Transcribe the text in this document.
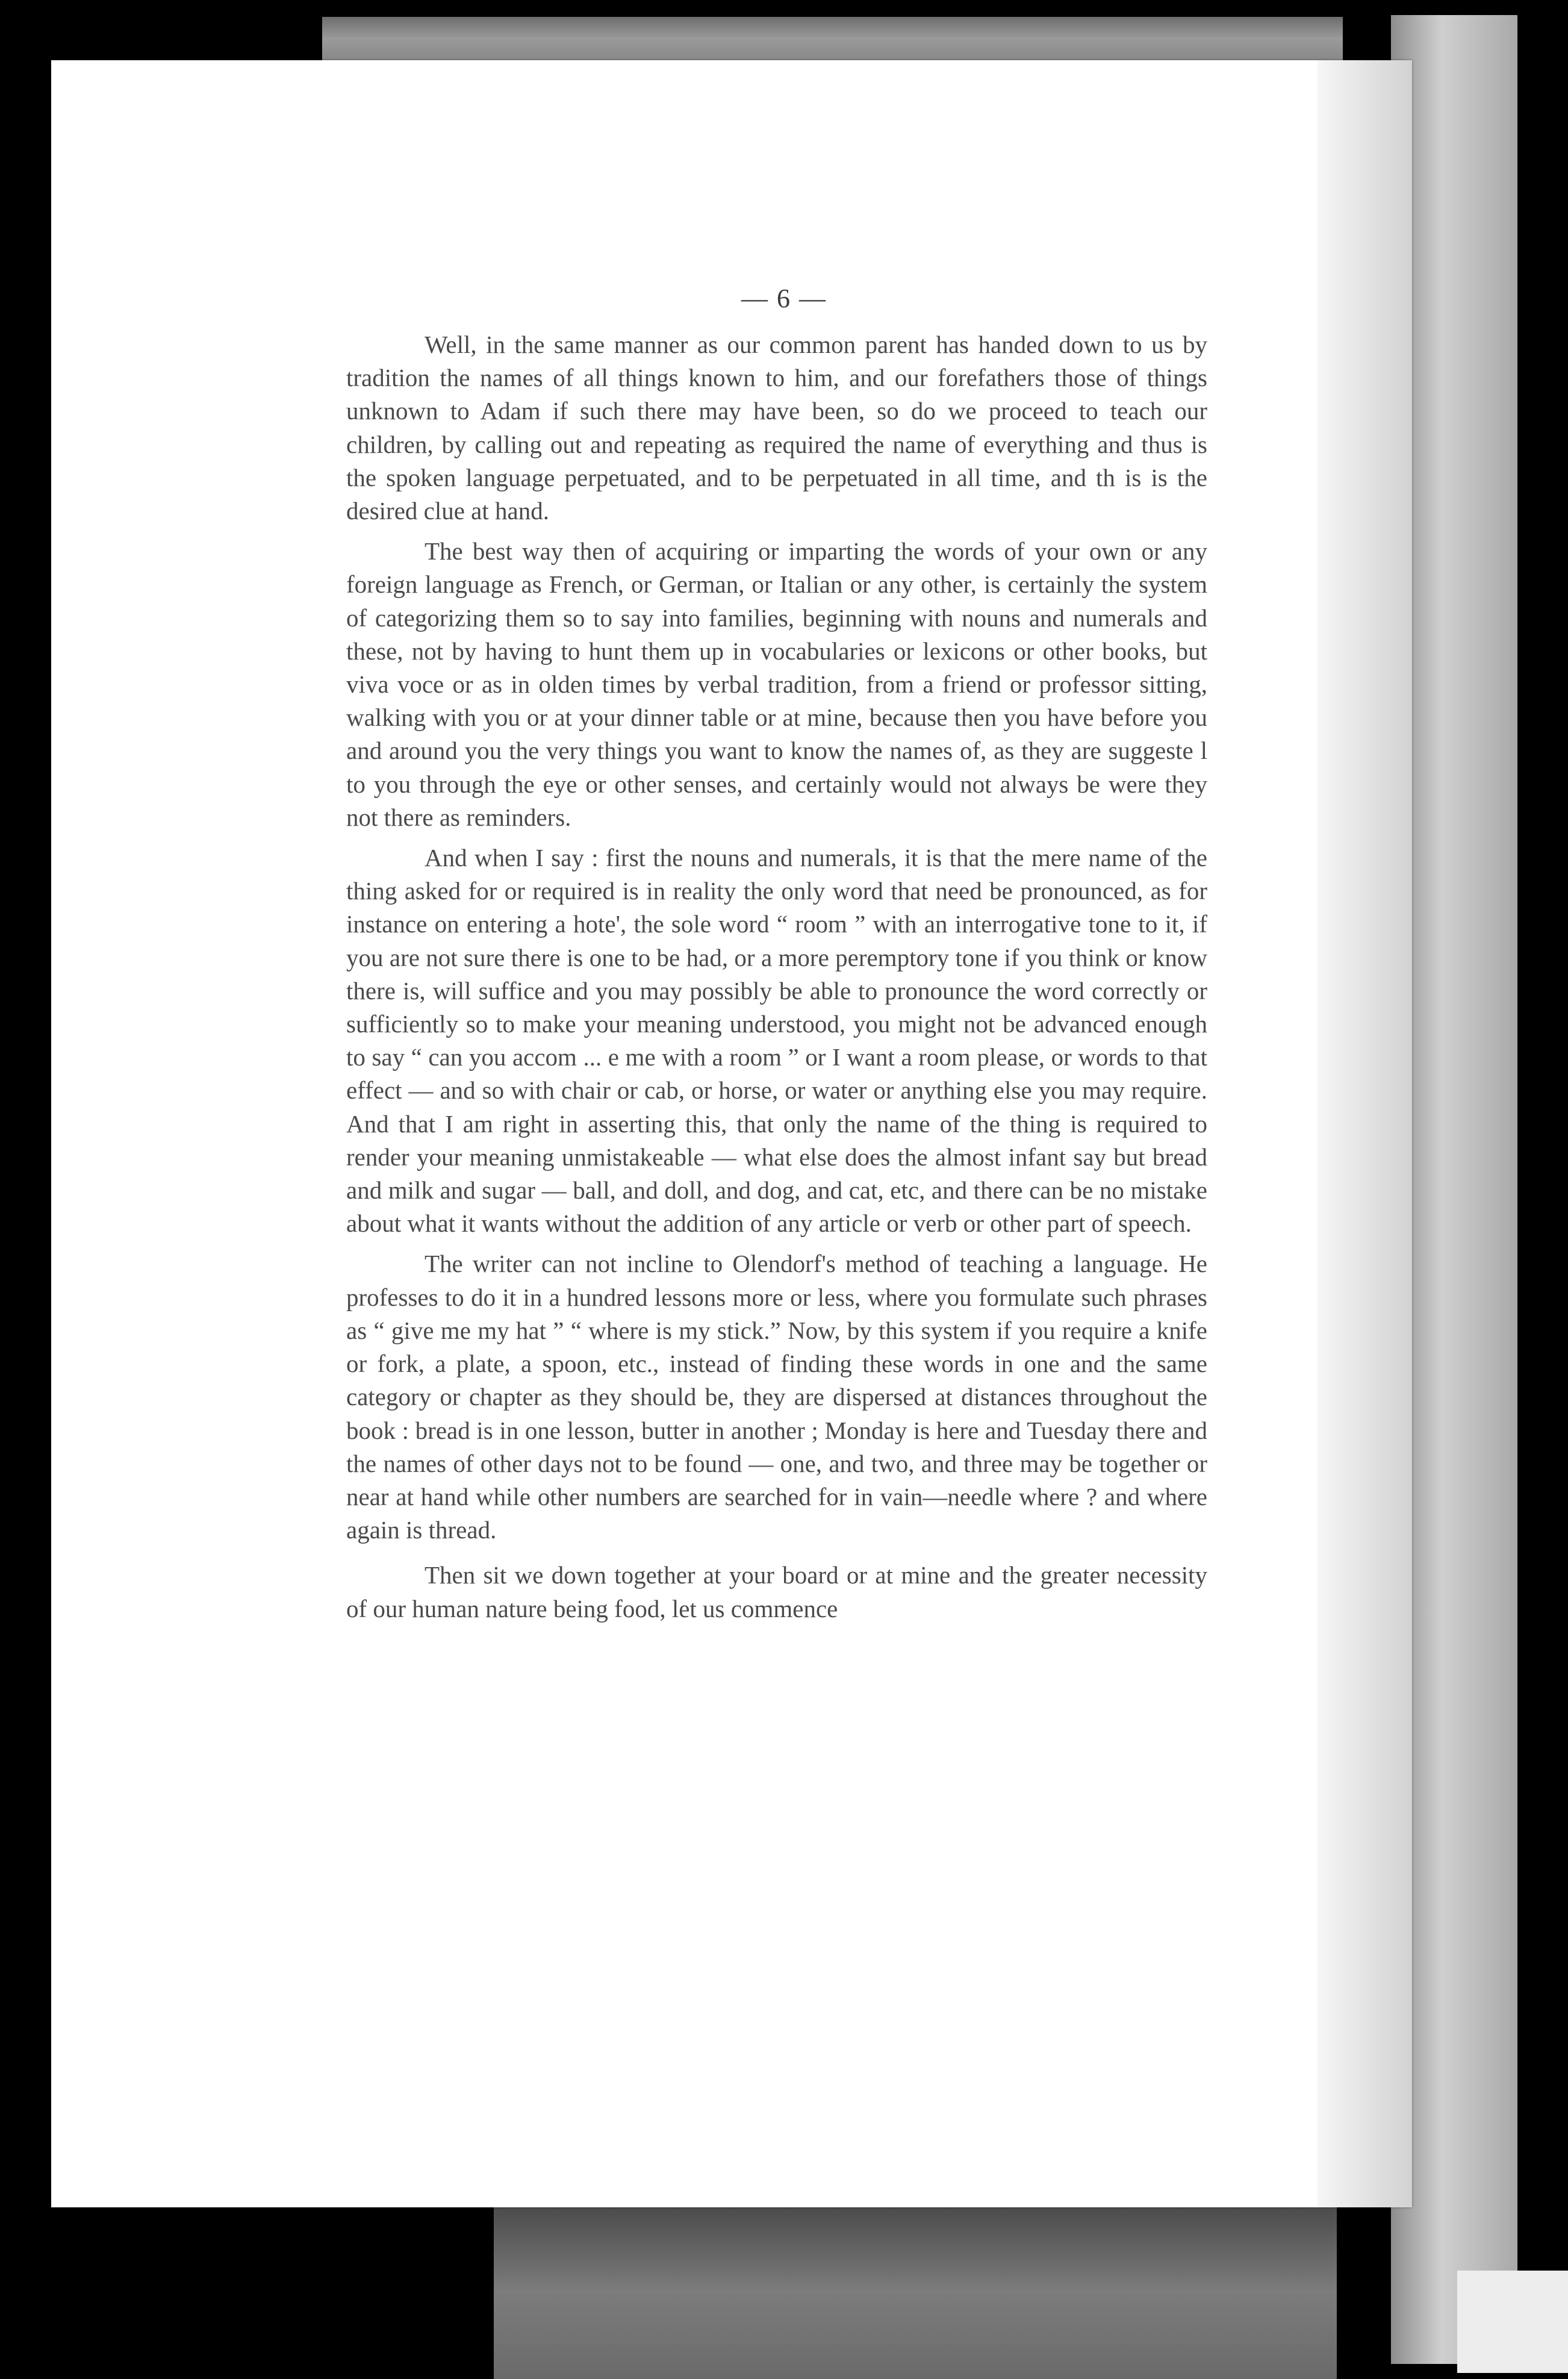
— 6 —

Well, in the same manner as our common parent has handed down to us by tradition the names of all things known to him, and our forefathers those of things unknown to Adam if such there may have been, so do we proceed to teach our children, by calling out and repeating as required the name of everything and thus is the spoken language perpetuated, and to be perpetuated in all time, and th is is the desired clue at hand.

The best way then of acquiring or imparting the words of your own or any foreign language as French, or German, or Italian or any other, is certainly the system of categorizing them so to say into families, beginning with nouns and numerals and these, not by having to hunt them up in vocabularies or lexicons or other books, but viva voce or as in olden times by verbal tradition, from a friend or professor sitting, walking with you or at your dinner table or at mine, because then you have before you and around you the very things you want to know the names of, as they are suggeste l to you through the eye or other senses, and certainly would not always be were they not there as reminders.

And when I say : first the nouns and numerals, it is that the mere name of the thing asked for or required is in reality the only word that need be pronounced, as for instance on entering a hote', the sole word “ room ” with an interrogative tone to it, if you are not sure there is one to be had, or a more peremptory tone if you think or know there is, will suffice and you may possibly be able to pronounce the word correctly or sufficiently so to make your meaning understood, you might not be advanced enough to say “ can you accom ... e me with a room ” or I want a room please, or words to that effect — and so with chair or cab, or horse, or water or anything else you may require. And that I am right in asserting this, that only the name of the thing is required to render your meaning unmistakeable — what else does the almost infant say but bread and milk and sugar — ball, and doll, and dog, and cat, etc, and there can be no mistake about what it wants without the addition of any article or verb or other part of speech.

The writer can not incline to Olendorf's method of teaching a language. He professes to do it in a hundred lessons more or less, where you formulate such phrases as “ give me my hat ” “ where is my stick.” Now, by this system if you require a knife or fork, a plate, a spoon, etc., instead of finding these words in one and the same category or chapter as they should be, they are dispersed at distances throughout the book : bread is in one lesson, butter in another ; Monday is here and Tuesday there and the names of other days not to be found — one, and two, and three may be together or near at hand while other numbers are searched for in vain—needle where ? and where again is thread.

Then sit we down together at your board or at mine and the greater necessity of our human nature being food, let us commence
